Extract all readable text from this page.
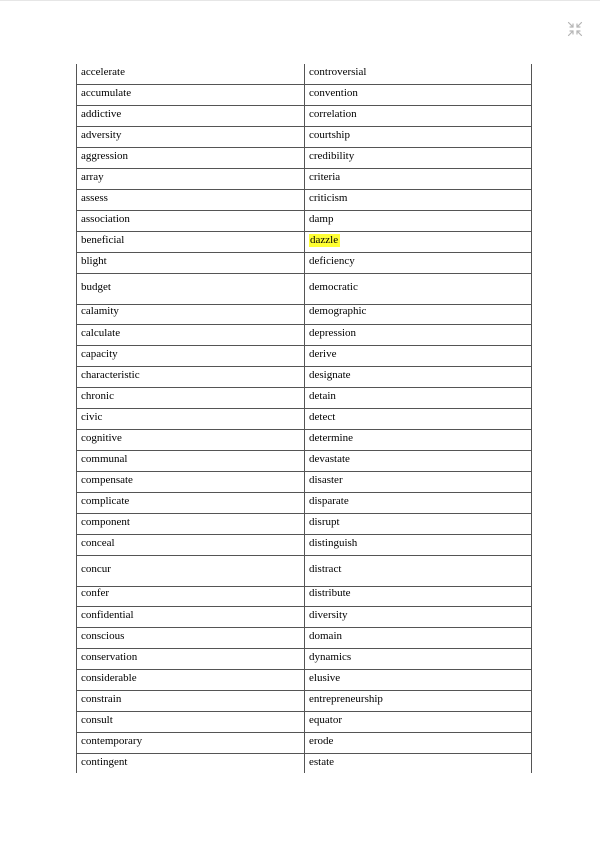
accelerate	controversial
accumulate	convention
addictive	correlation
adversity	courtship
aggression	credibility
array	criteria
assess	criticism
association	damp
beneficial	dazzle
blight	deficiency
budget	democratic
calamity	demographic
calculate	depression
capacity	derive
characteristic	designate
chronic	detain
civic	detect
cognitive	determine
communal	devastate
compensate	disaster
complicate	disparate
component	disrupt
conceal	distinguish
concur	distract
confer	distribute
confidential	diversity
conscious	domain
conservation	dynamics
considerable	elusive
constrain	entrepreneurship
consult	equator
contemporary	erode
contingent	estate
